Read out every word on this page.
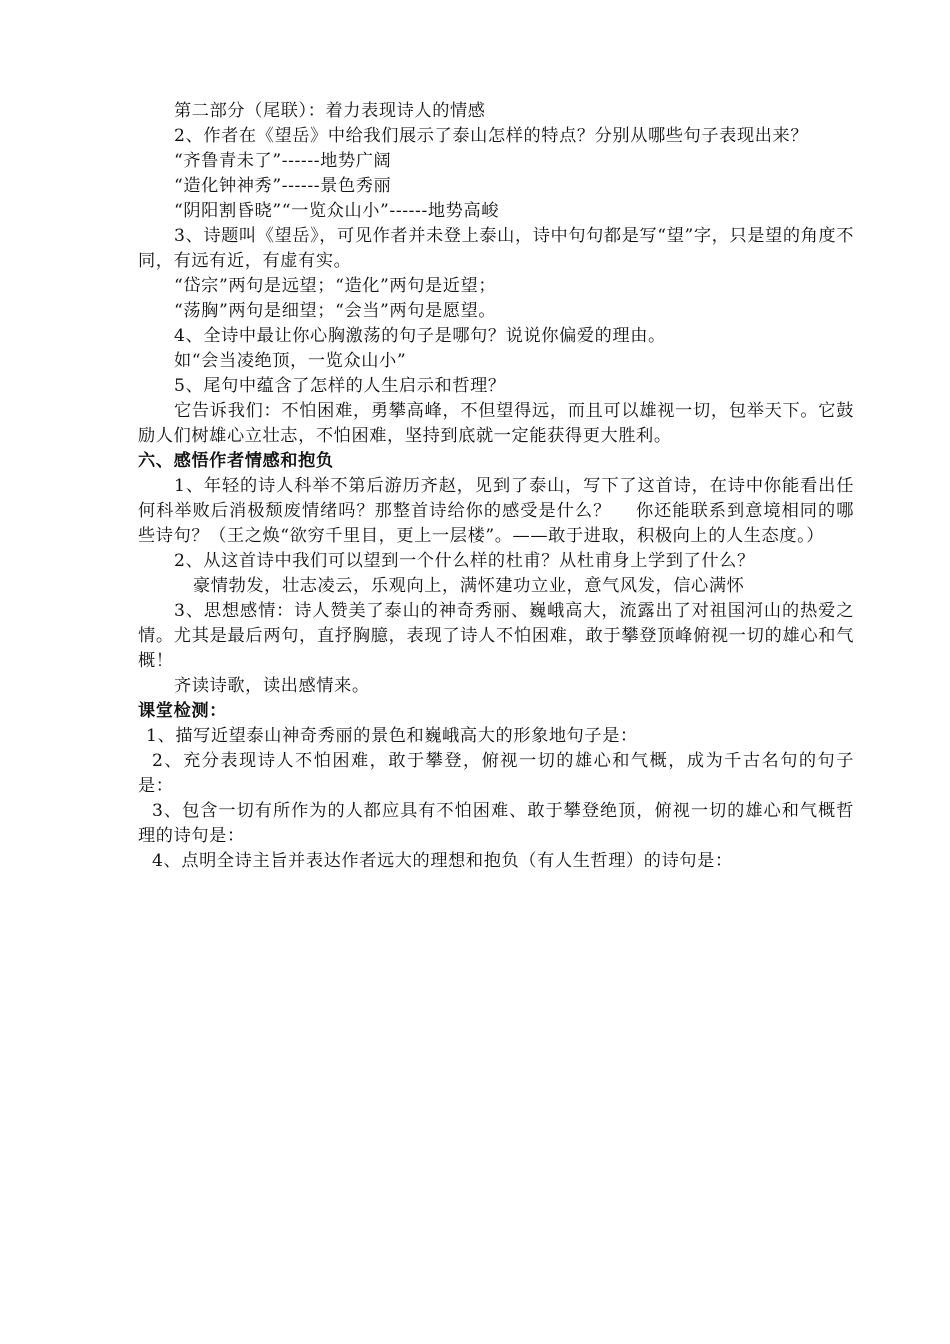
第二部分（尾联）：着力表现诗人的情感

2、作者在《望岳》中给我们展示了泰山怎样的特点？分别从哪些句子表现出来？

“齐鲁青未了”------地势广阔

“造化钟神秀”------景色秀丽

“阴阳割昏晓”“一览众山小”------地势高峻

3、诗题叫《望岳》，可见作者并未登上泰山，诗中句句都是写“望”字，只是望的角度不同，有远有近，有虚有实。

“岱宗”两句是远望；“造化”两句是近望；

“荡胸”两句是细望；“会当”两句是愿望。

4、全诗中最让你心胸激荡的句子是哪句？说说你偏爱的理由。

如“会当凌绝顶，一览众山小”

5、尾句中蕴含了怎样的人生启示和哲理？

它告诉我们：不怕困难，勇攀高峰，不但望得远，而且可以雄视一切，包举天下。它鼓励人们树雄心立壮志，不怕困难，坚持到底就一定能获得更大胜利。

六、感悟作者情感和抱负

1、年轻的诗人科举不第后游历齐赵，见到了泰山，写下了这首诗，在诗中你能看出任何科举败后消极颓废情绪吗？那整首诗给你的感受是什么？　 你还能联系到意境相同的哪些诗句？（王之焕“欲穷千里目，更上一层楼”。——敢于进取，积极向上的人生态度。）

2、从这首诗中我们可以望到一个什么样的杜甫？从杜甫身上学到了什么？

豪情勃发，壮志凌云，乐观向上，满怀建功立业，意气风发，信心满怀

3、思想感情：诗人赞美了泰山的神奇秀丽、巍峨高大，流露出了对祖国河山的热爱之情。尤其是最后两句，直抒胸臆，表现了诗人不怕困难，敢于攀登顶峰俯视一切的雄心和气概！

齐读诗歌，读出感情来。

课堂检测：

1、描写近望泰山神奇秀丽的景色和巍峨高大的形象地句子是：

2、充分表现诗人不怕困难，敢于攀登，俯视一切的雄心和气概，成为千古名句的句子是：

3、包含一切有所作为的人都应具有不怕困难、敢于攀登绝顶，俯视一切的雄心和气概哲理的诗句是：

4、点明全诗主旨并表达作者远大的理想和抱负（有人生哲理）的诗句是：
